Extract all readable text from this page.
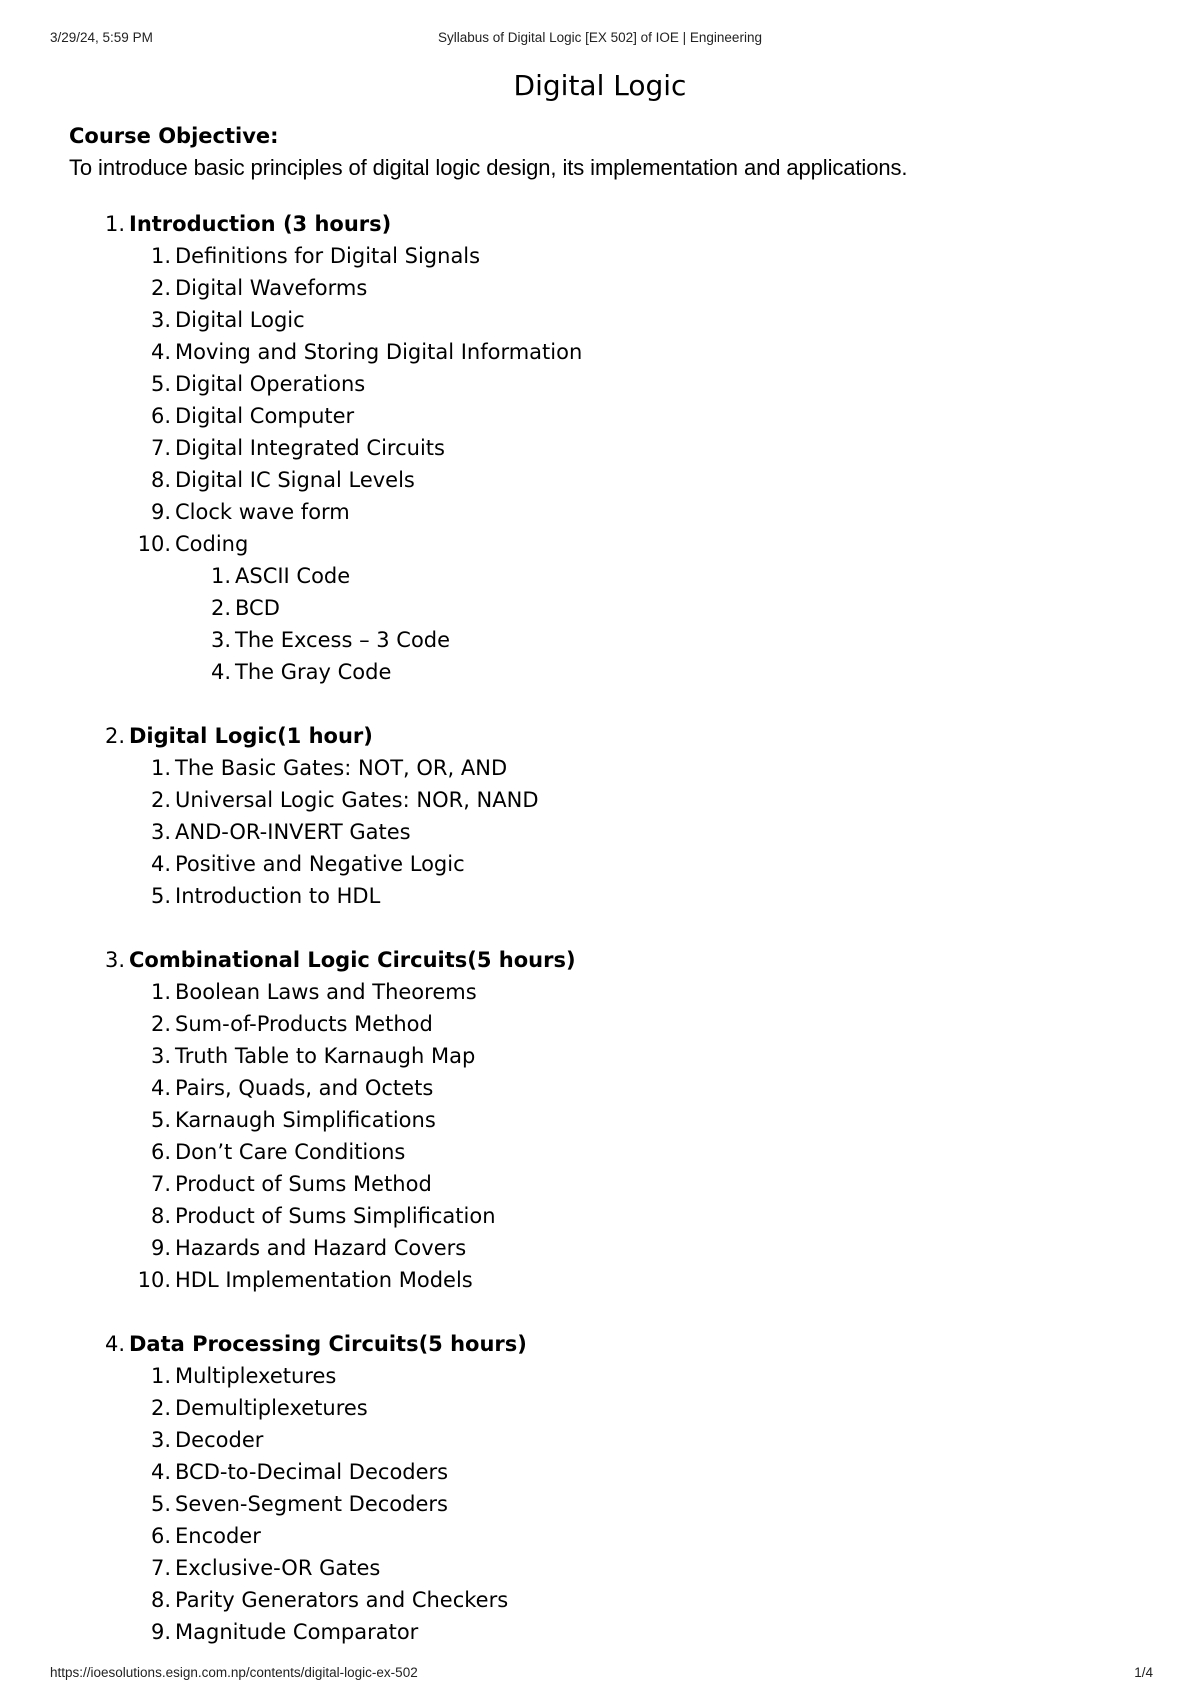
3/29/24, 5:59 PM	Syllabus of Digital Logic [EX 502] of IOE | Engineering
Digital Logic
Course Objective:
To introduce basic principles of digital logic design, its implementation and applications.
1. Introduction (3 hours)
1. Definitions for Digital Signals
2. Digital Waveforms
3. Digital Logic
4. Moving and Storing Digital Information
5. Digital Operations
6. Digital Computer
7. Digital Integrated Circuits
8. Digital IC Signal Levels
9. Clock wave form
10. Coding
1. ASCII Code
2. BCD
3. The Excess – 3 Code
4. The Gray Code
2. Digital Logic(1 hour)
1. The Basic Gates: NOT, OR, AND
2. Universal Logic Gates: NOR, NAND
3. AND-OR-INVERT Gates
4. Positive and Negative Logic
5. Introduction to HDL
3. Combinational Logic Circuits(5 hours)
1. Boolean Laws and Theorems
2. Sum-of-Products Method
3. Truth Table to Karnaugh Map
4. Pairs, Quads, and Octets
5. Karnaugh Simplifications
6. Don’t Care Conditions
7. Product of Sums Method
8. Product of Sums Simplification
9. Hazards and Hazard Covers
10. HDL Implementation Models
4. Data Processing Circuits(5 hours)
1. Multiplexetures
2. Demultiplexetures
3. Decoder
4. BCD-to-Decimal Decoders
5. Seven-Segment Decoders
6. Encoder
7. Exclusive-OR Gates
8. Parity Generators and Checkers
9. Magnitude Comparator
https://ioesolutions.esign.com.np/contents/digital-logic-ex-502	1/4
